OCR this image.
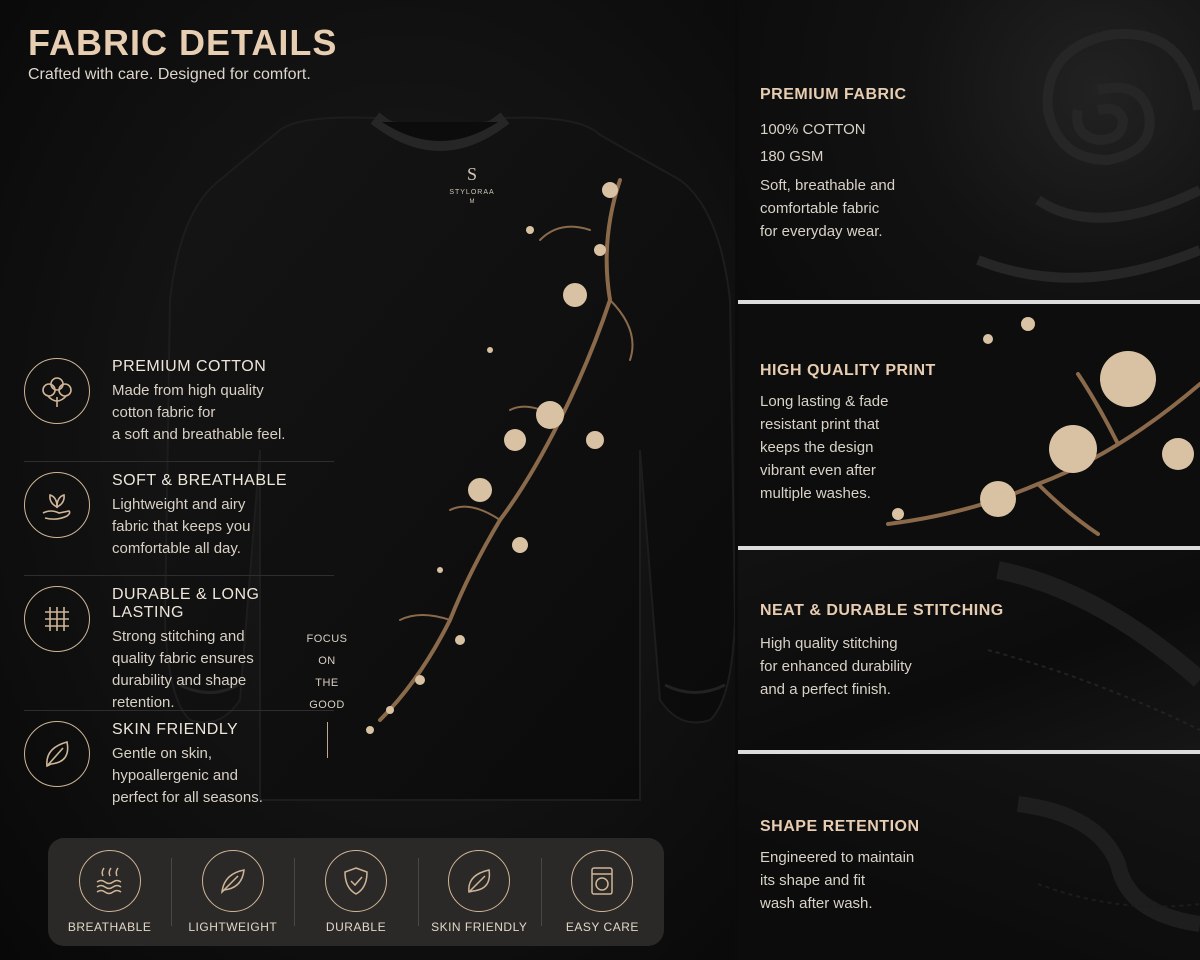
FABRIC DETAILS
Crafted with care. Designed for comfort.
S
STYLORAA
M
PREMIUM COTTON

Made from high quality
cotton fabric for
a soft and breathable feel.

SOFT & BREATHABLE

Lightweight and airy
fabric that keeps you
comfortable all day.

DURABLE & LONG LASTING

Strong stitching and
quality fabric ensures
durability and shape
retention.

SKIN FRIENDLY

Gentle on skin,
hypoallergenic and
perfect for all seasons.

FOCUS
ON
THE
GOOD
BREATHABLE	LIGHTWEIGHT	DURABLE	SKIN FRIENDLY	EASY CARE
PREMIUM FABRIC

100% COTTON
180 GSM

Soft, breathable and
comfortable fabric
for everyday wear.

HIGH QUALITY PRINT

Long lasting & fade
resistant print that
keeps the design
vibrant even after
multiple washes.

NEAT & DURABLE STITCHING

High quality stitching
for enhanced durability
and a perfect finish.

SHAPE RETENTION

Engineered to maintain
its shape and fit
wash after wash.
